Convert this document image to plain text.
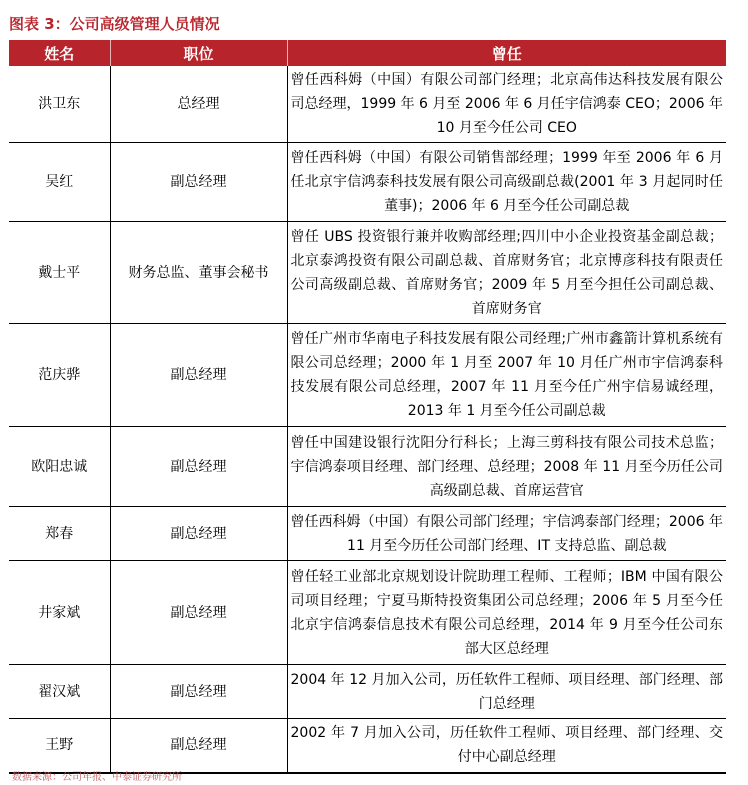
图表 3：公司高级管理人员情况
姓名	职位	曾任
洪卫东	总经理	曾任西科姆（中国）有限公司部门经理；北京高伟达科技发展有限公司总经理，1999 年 6 月至 2006 年 6 月任宇信鸿泰 CEO；2006 年 10 月至今任公司 CEO
吴红	副总经理	曾任西科姆（中国）有限公司销售部经理；1999 年至 2006 年 6 月任北京宇信鸿泰科技发展有限公司高级副总裁(2001 年 3 月起同时任董事)；2006 年 6 月至今任公司副总裁
戴士平	财务总监、董事会秘书	曾任 UBS 投资银行兼并收购部经理;四川中小企业投资基金副总裁；北京泰鸿投资有限公司副总裁、首席财务官；北京博彦科技有限责任公司高级副总裁、首席财务官；2009 年 5 月至今担任公司副总裁、首席财务官
范庆骅	副总经理	曾任广州市华南电子科技发展有限公司经理;广州市鑫箭计算机系统有限公司总经理；2000 年 1 月至 2007 年 10 月任广州市宇信鸿泰科技发展有限公司总经理，2007 年 11 月至今任广州宇信易诚经理，2013 年 1 月至今任公司副总裁
欧阳忠诚	副总经理	曾任中国建设银行沈阳分行科长；上海三剪科技有限公司技术总监；宇信鸿泰项目经理、部门经理、总经理；2008 年 11 月至今历任公司高级副总裁、首席运营官
郑春	副总经理	曾任西科姆（中国）有限公司部门经理；宇信鸿泰部门经理；2006 年 11 月至今历任公司部门经理、IT 支持总监、副总裁
井家斌	副总经理	曾任轻工业部北京规划设计院助理工程师、工程师；IBM 中国有限公司项目经理；宁夏马斯特投资集团公司总经理；2006 年 5 月至今任北京宇信鸿泰信息技术有限公司总经理，2014 年 9 月至今任公司东部大区总经理
翟汉斌	副总经理	2004 年 12 月加入公司，历任软件工程师、项目经理、部门经理、部门总经理
王野	副总经理	2002 年 7 月加入公司，历任软件工程师、项目经理、部门经理、交付中心副总经理
数据来源：公司年报、中泰证券研究所
